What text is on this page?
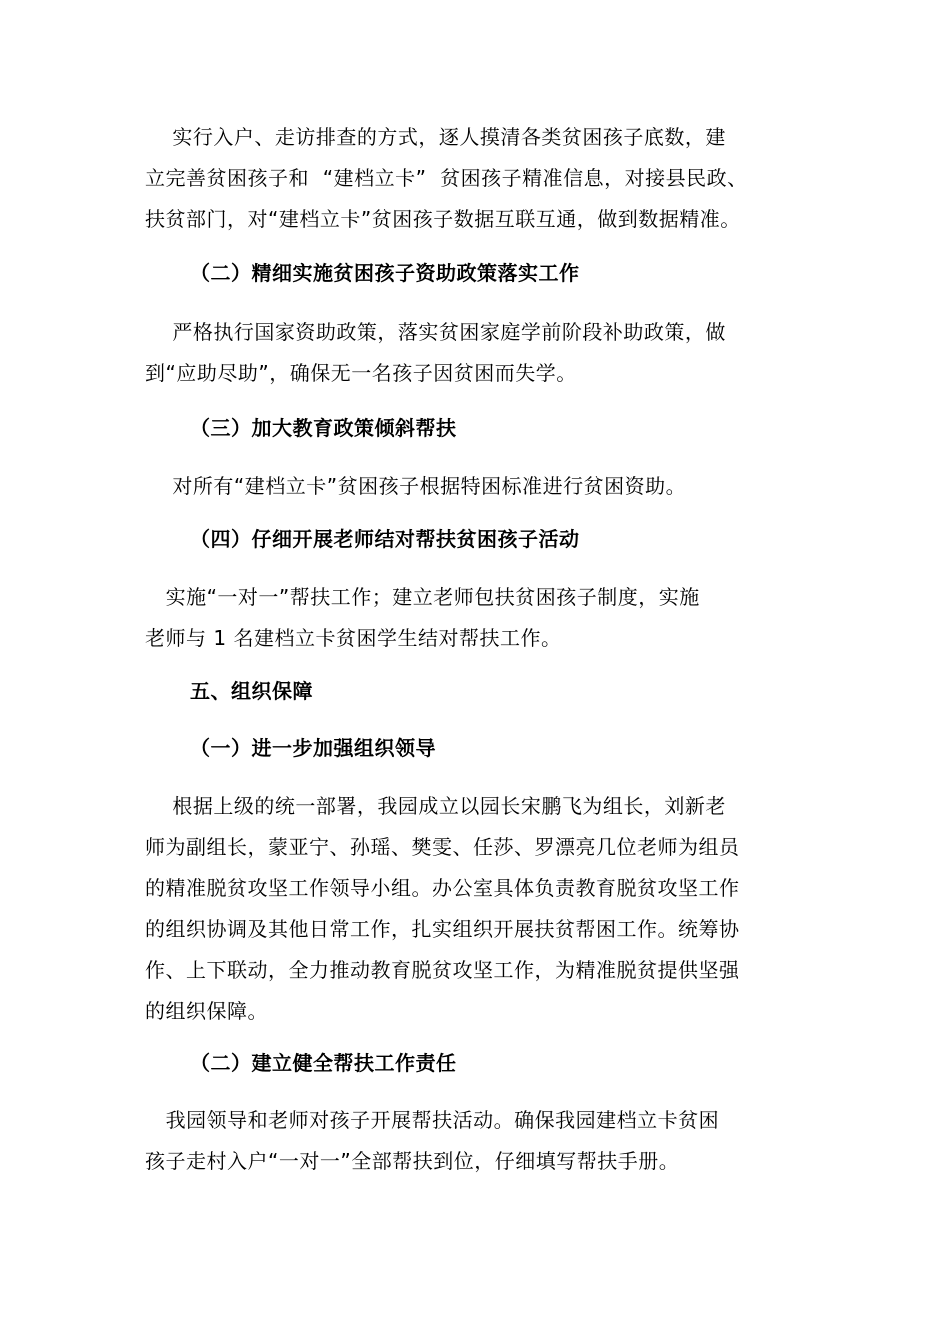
实行入户、走访排查的方式，逐人摸清各类贫困孩子底数，建
立完善贫困孩子和  “建档立卡”  贫困孩子精准信息，对接县民政、
扶贫部门，对“建档立卡”贫困孩子数据互联互通，做到数据精准。

（二）精细实施贫困孩子资助政策落实工作

严格执行国家资助政策，落实贫困家庭学前阶段补助政策，做
到“应助尽助”，确保无一名孩子因贫困而失学。

（三）加大教育政策倾斜帮扶

对所有“建档立卡”贫困孩子根据特困标准进行贫困资助。

（四）仔细开展老师结对帮扶贫困孩子活动

实施“一对一”帮扶工作；建立老师包扶贫困孩子制度，实施
老师与 1 名建档立卡贫困学生结对帮扶工作。

五、组织保障
（一）进一步加强组织领导

根据上级的统一部署，我园成立以园长宋鹏飞为组长，刘新老
师为副组长，蒙亚宁、孙瑶、樊雯、任莎、罗漂亮几位老师为组员
的精准脱贫攻坚工作领导小组。办公室具体负责教育脱贫攻坚工作
的组织协调及其他日常工作，扎实组织开展扶贫帮困工作。统筹协
作、上下联动，全力推动教育脱贫攻坚工作，为精准脱贫提供坚强
的组织保障。

（二）建立健全帮扶工作责任

我园领导和老师对孩子开展帮扶活动。确保我园建档立卡贫困
孩子走村入户“一对一”全部帮扶到位，仔细填写帮扶手册。
